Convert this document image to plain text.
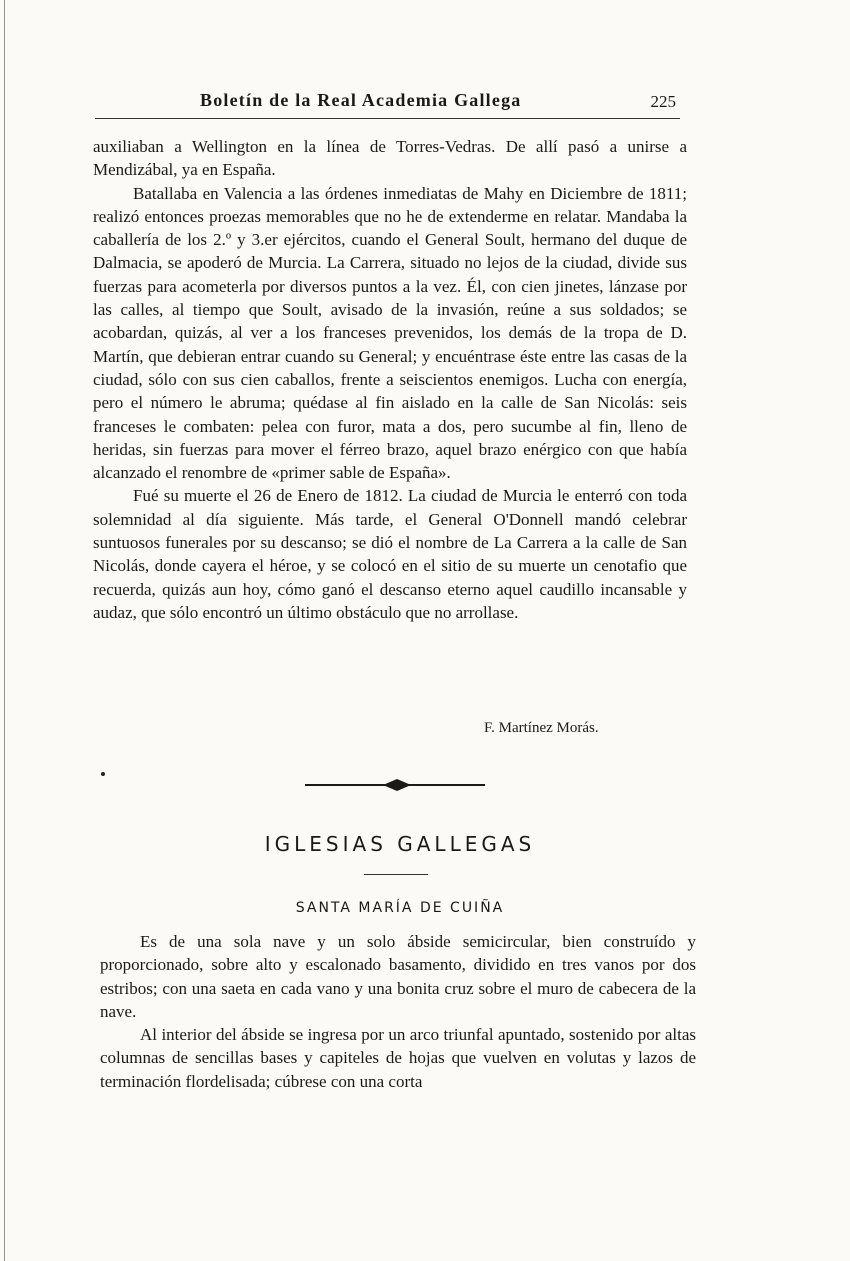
Boletín de la Real Academia Gallega	225

auxiliaban a Wellington en la línea de Torres-Vedras. De allí pasó a unirse a Mendizábal, ya en España.

Batallaba en Valencia a las órdenes inmediatas de Mahy en Diciembre de 1811; realizó entonces proezas memorables que no he de extenderme en relatar. Mandaba la caballería de los 2.º y 3.er ejércitos, cuando el General Soult, hermano del duque de Dalmacia, se apoderó de Murcia. La Carrera, situado no lejos de la ciudad, divide sus fuerzas para acometerla por diversos puntos a la vez. Él, con cien jinetes, lánzase por las calles, al tiempo que Soult, avisado de la invasión, reúne a sus soldados; se acobardan, quizás, al ver a los franceses prevenidos, los demás de la tropa de D. Martín, que debieran entrar cuando su General; y encuéntrase éste entre las casas de la ciudad, sólo con sus cien caballos, frente a seiscientos enemigos. Lucha con energía, pero el número le abruma; quédase al fin aislado en la calle de San Nicolás: seis franceses le combaten: pelea con furor, mata a dos, pero sucumbe al fin, lleno de heridas, sin fuerzas para mover el férreo brazo, aquel brazo enérgico con que había alcanzado el renombre de «primer sable de España».

Fué su muerte el 26 de Enero de 1812. La ciudad de Murcia le enterró con toda solemnidad al día siguiente. Más tarde, el General O'Donnell mandó celebrar suntuosos funerales por su descanso; se dió el nombre de La Carrera a la calle de San Nicolás, donde cayera el héroe, y se colocó en el sitio de su muerte un cenotafio que recuerda, quizás aun hoy, cómo ganó el descanso eterno aquel caudillo incansable y audaz, que sólo encontró un último obstáculo que no arrollase.

F. Martínez Morás.
IGLESIAS GALLEGAS
SANTA MARÍA DE CUIÑA

Es de una sola nave y un solo ábside semicircular, bien construído y proporcionado, sobre alto y escalonado basamento, dividido en tres vanos por dos estribos; con una saeta en cada vano y una bonita cruz sobre el muro de cabecera de la nave.

Al interior del ábside se ingresa por un arco triunfal apuntado, sostenido por altas columnas de sencillas bases y capiteles de hojas que vuelven en volutas y lazos de terminación flordelisada; cúbrese con una corta
